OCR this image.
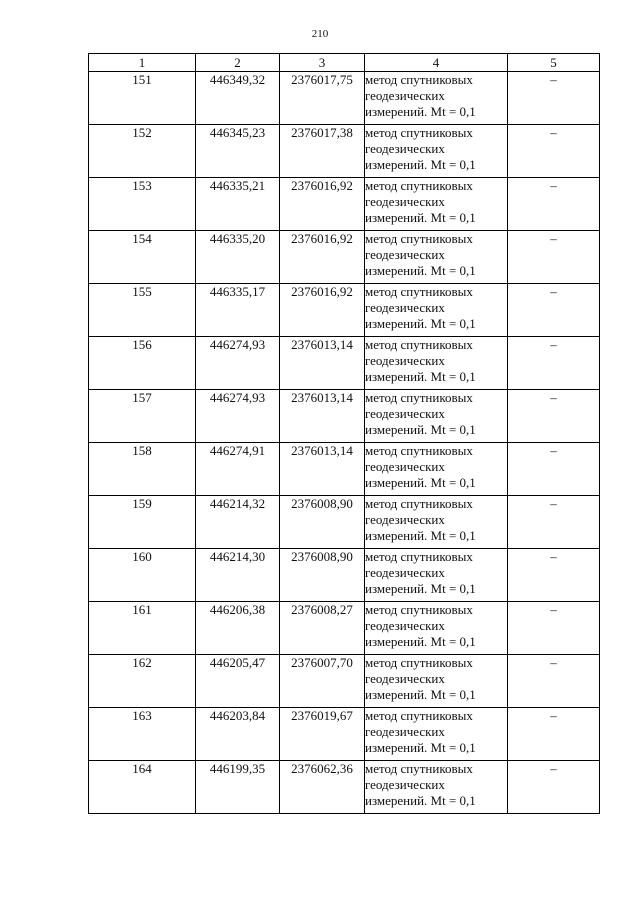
210
1	2	3	4	5
151	446349,32	2376017,75	метод спутниковых
геодезических
измерений. Mt = 0,1	–
152	446345,23	2376017,38	метод спутниковых
геодезических
измерений. Mt = 0,1	–
153	446335,21	2376016,92	метод спутниковых
геодезических
измерений. Mt = 0,1	–
154	446335,20	2376016,92	метод спутниковых
геодезических
измерений. Mt = 0,1	–
155	446335,17	2376016,92	метод спутниковых
геодезических
измерений. Mt = 0,1	–
156	446274,93	2376013,14	метод спутниковых
геодезических
измерений. Mt = 0,1	–
157	446274,93	2376013,14	метод спутниковых
геодезических
измерений. Mt = 0,1	–
158	446274,91	2376013,14	метод спутниковых
геодезических
измерений. Mt = 0,1	–
159	446214,32	2376008,90	метод спутниковых
геодезических
измерений. Mt = 0,1	–
160	446214,30	2376008,90	метод спутниковых
геодезических
измерений. Mt = 0,1	–
161	446206,38	2376008,27	метод спутниковых
геодезических
измерений. Mt = 0,1	–
162	446205,47	2376007,70	метод спутниковых
геодезических
измерений. Mt = 0,1	–
163	446203,84	2376019,67	метод спутниковых
геодезических
измерений. Mt = 0,1	–
164	446199,35	2376062,36	метод спутниковых
геодезических
измерений. Mt = 0,1	–
